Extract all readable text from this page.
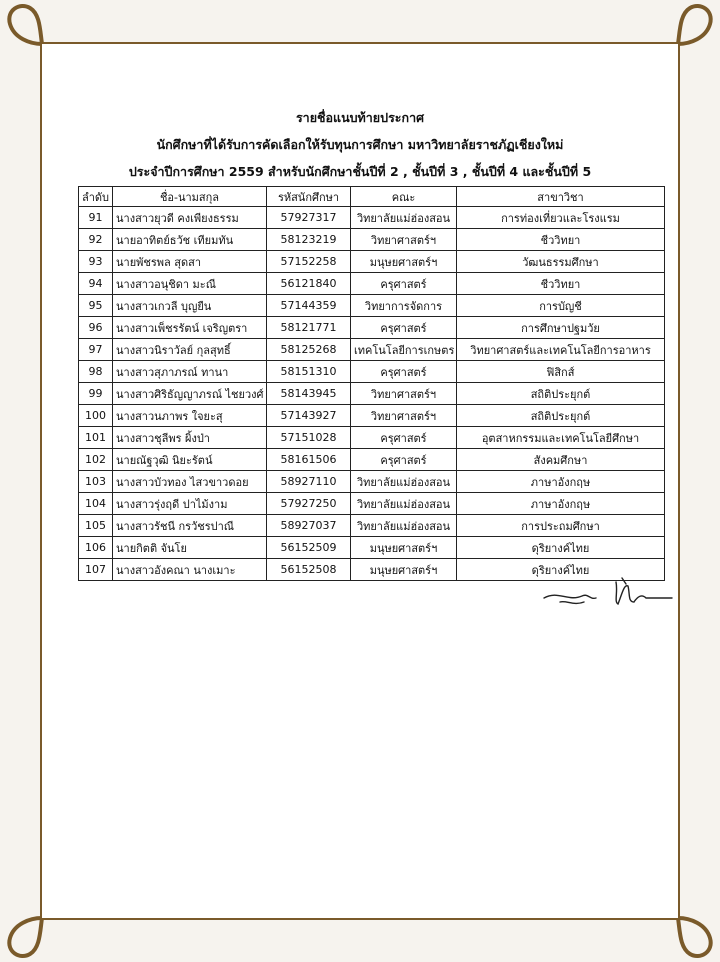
รายชื่อแนบท้ายประกาศ
นักศึกษาที่ได้รับการคัดเลือกให้รับทุนการศึกษา มหาวิทยาลัยราชภัฏเชียงใหม่
ประจำปีการศึกษา 2559 สำหรับนักศึกษาชั้นปีที่ 2 , ชั้นปีที่ 3 , ชั้นปีที่ 4 และชั้นปีที่ 5
ลำดับ	ชื่อ-นามสกุล	รหัสนักศึกษา	คณะ	สาขาวิชา
91	นางสาวยุวดี คงเพียงธรรม	57927317	วิทยาลัยแม่ฮ่องสอน	การท่องเที่ยวและโรงแรม
92	นายอาทิตย์ธวัช เทียมทัน	58123219	วิทยาศาสตร์ฯ	ชีววิทยา
93	นายพัชรพล สุดสา	57152258	มนุษยศาสตร์ฯ	วัฒนธรรมศึกษา
94	นางสาวอนุชิดา มะณี	56121840	ครุศาสตร์	ชีววิทยา
95	นางสาวเกวลี บุญยืน	57144359	วิทยาการจัดการ	การบัญชี
96	นางสาวเพ็ชรรัตน์ เจริญตรา	58121771	ครุศาสตร์	การศึกษาปฐมวัย
97	นางสาวนิราวัลย์ กุลสุทธิ์	58125268	เทคโนโลยีการเกษตร	วิทยาศาสตร์และเทคโนโลยีการอาหาร
98	นางสาวสุภาภรณ์ ทานา	58151310	ครุศาสตร์	ฟิสิกส์
99	นางสาวศิริธัญญาภรณ์ ไชยวงศ์	58143945	วิทยาศาสตร์ฯ	สถิติประยุกต์
100	นางสาวนภาพร ใจยะสุ	57143927	วิทยาศาสตร์ฯ	สถิติประยุกต์
101	นางสาวชุลีพร ผิ้งป่า	57151028	ครุศาสตร์	อุตสาหกรรมและเทคโนโลยีศึกษา
102	นายณัฐวุฒิ นิยะรัตน์	58161506	ครุศาสตร์	สังคมศึกษา
103	นางสาวบัวทอง ไสวขาวดอย	58927110	วิทยาลัยแม่ฮ่องสอน	ภาษาอังกฤษ
104	นางสาวรุ่งฤดี ปาไม้งาม	57927250	วิทยาลัยแม่ฮ่องสอน	ภาษาอังกฤษ
105	นางสาวรัชนี กรวัชรปาณี	58927037	วิทยาลัยแม่ฮ่องสอน	การประถมศึกษา
106	นายกิตติ จันโย	56152509	มนุษยศาสตร์ฯ	ดุริยางค์ไทย
107	นางสาวอังคณา นางเมาะ	56152508	มนุษยศาสตร์ฯ	ดุริยางค์ไทย
